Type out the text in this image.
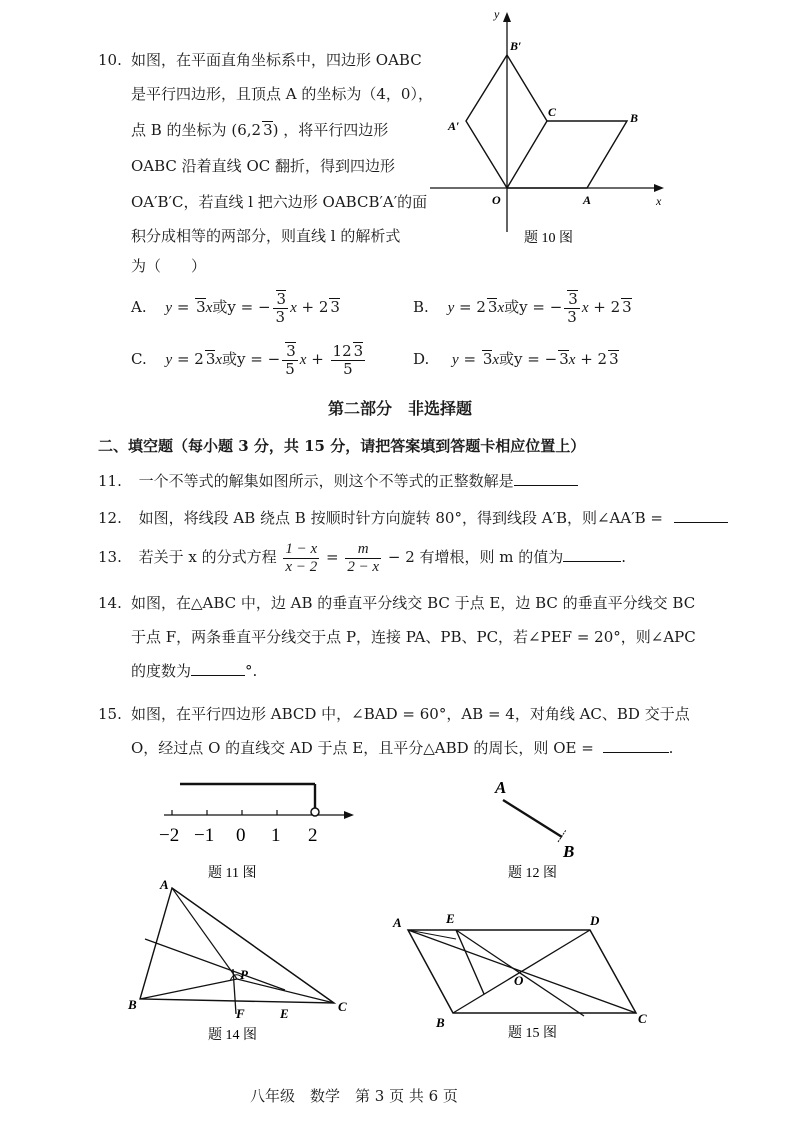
10. 如图，在平面直角坐标系中，四边形 OABC
是平行四边形，且顶点 A 的坐标为（4，0），
点 B 的坐标为 (6,2 3) ，将平行四边形
OABC 沿着直线 OC 翻折，得到四边形
OA′B′C，若直线 l 把六边形 OABCB′A′的面
积分成相等的两部分，则直线 l 的解析式
为（　　）
y
x
O	A
B
C
A′
B′
题 10 图
A. y = 3x或y = − $\frac{3}{3}$ x + 2 3	B. y = 2 3x或y = − $\frac{3}{3}$ x + 2 3
C. y = 2 3x或y = − $\frac{3}{5}$ $x + \frac{12 3}{5}$	D. y = 3x或y = − 3x + 2 3
第二部分　非选择题
二、填空题（每小题 3 分，共 15 分，请把答案填到答题卡相应位置上）
11. 一个不等式的解集如图所示，则这个不等式的正整数解是
12. 如图，将线段 AB 绕点 B 按顺时针方向旋转 80°，得到线段 A′B，则∠AA′B =
13. 若关于 x 的分式方程 $\frac{1 - x}{x - 2} = \frac{m}{2 - x} - 2$ 有增根，则 m 的值为	.
14. 如图，在△ABC 中，边 AB 的垂直平分线交 BC 于点 E，边 BC 的垂直平分线交 BC
于点 F，两条垂直平分线交于点 P，连接 PA、PB、PC，若∠PEF = 20°，则∠APC
的度数为	°.
15. 如图，在平行四边形 ABCD 中，∠BAD = 60°，AB = 4，对角线 AC、BD 交于点
O，经过点 O 的直线交 AD 于点 E，且平分△ABD 的周长，则 OE =	.
−2 −1 0 1 2
题 11 图
A
B
题 12 图
A
B	C
P
F	E
题 14 图
A	E	D
O
B	C
题 15 图
八年级　数学　第 3 页 共 6 页
